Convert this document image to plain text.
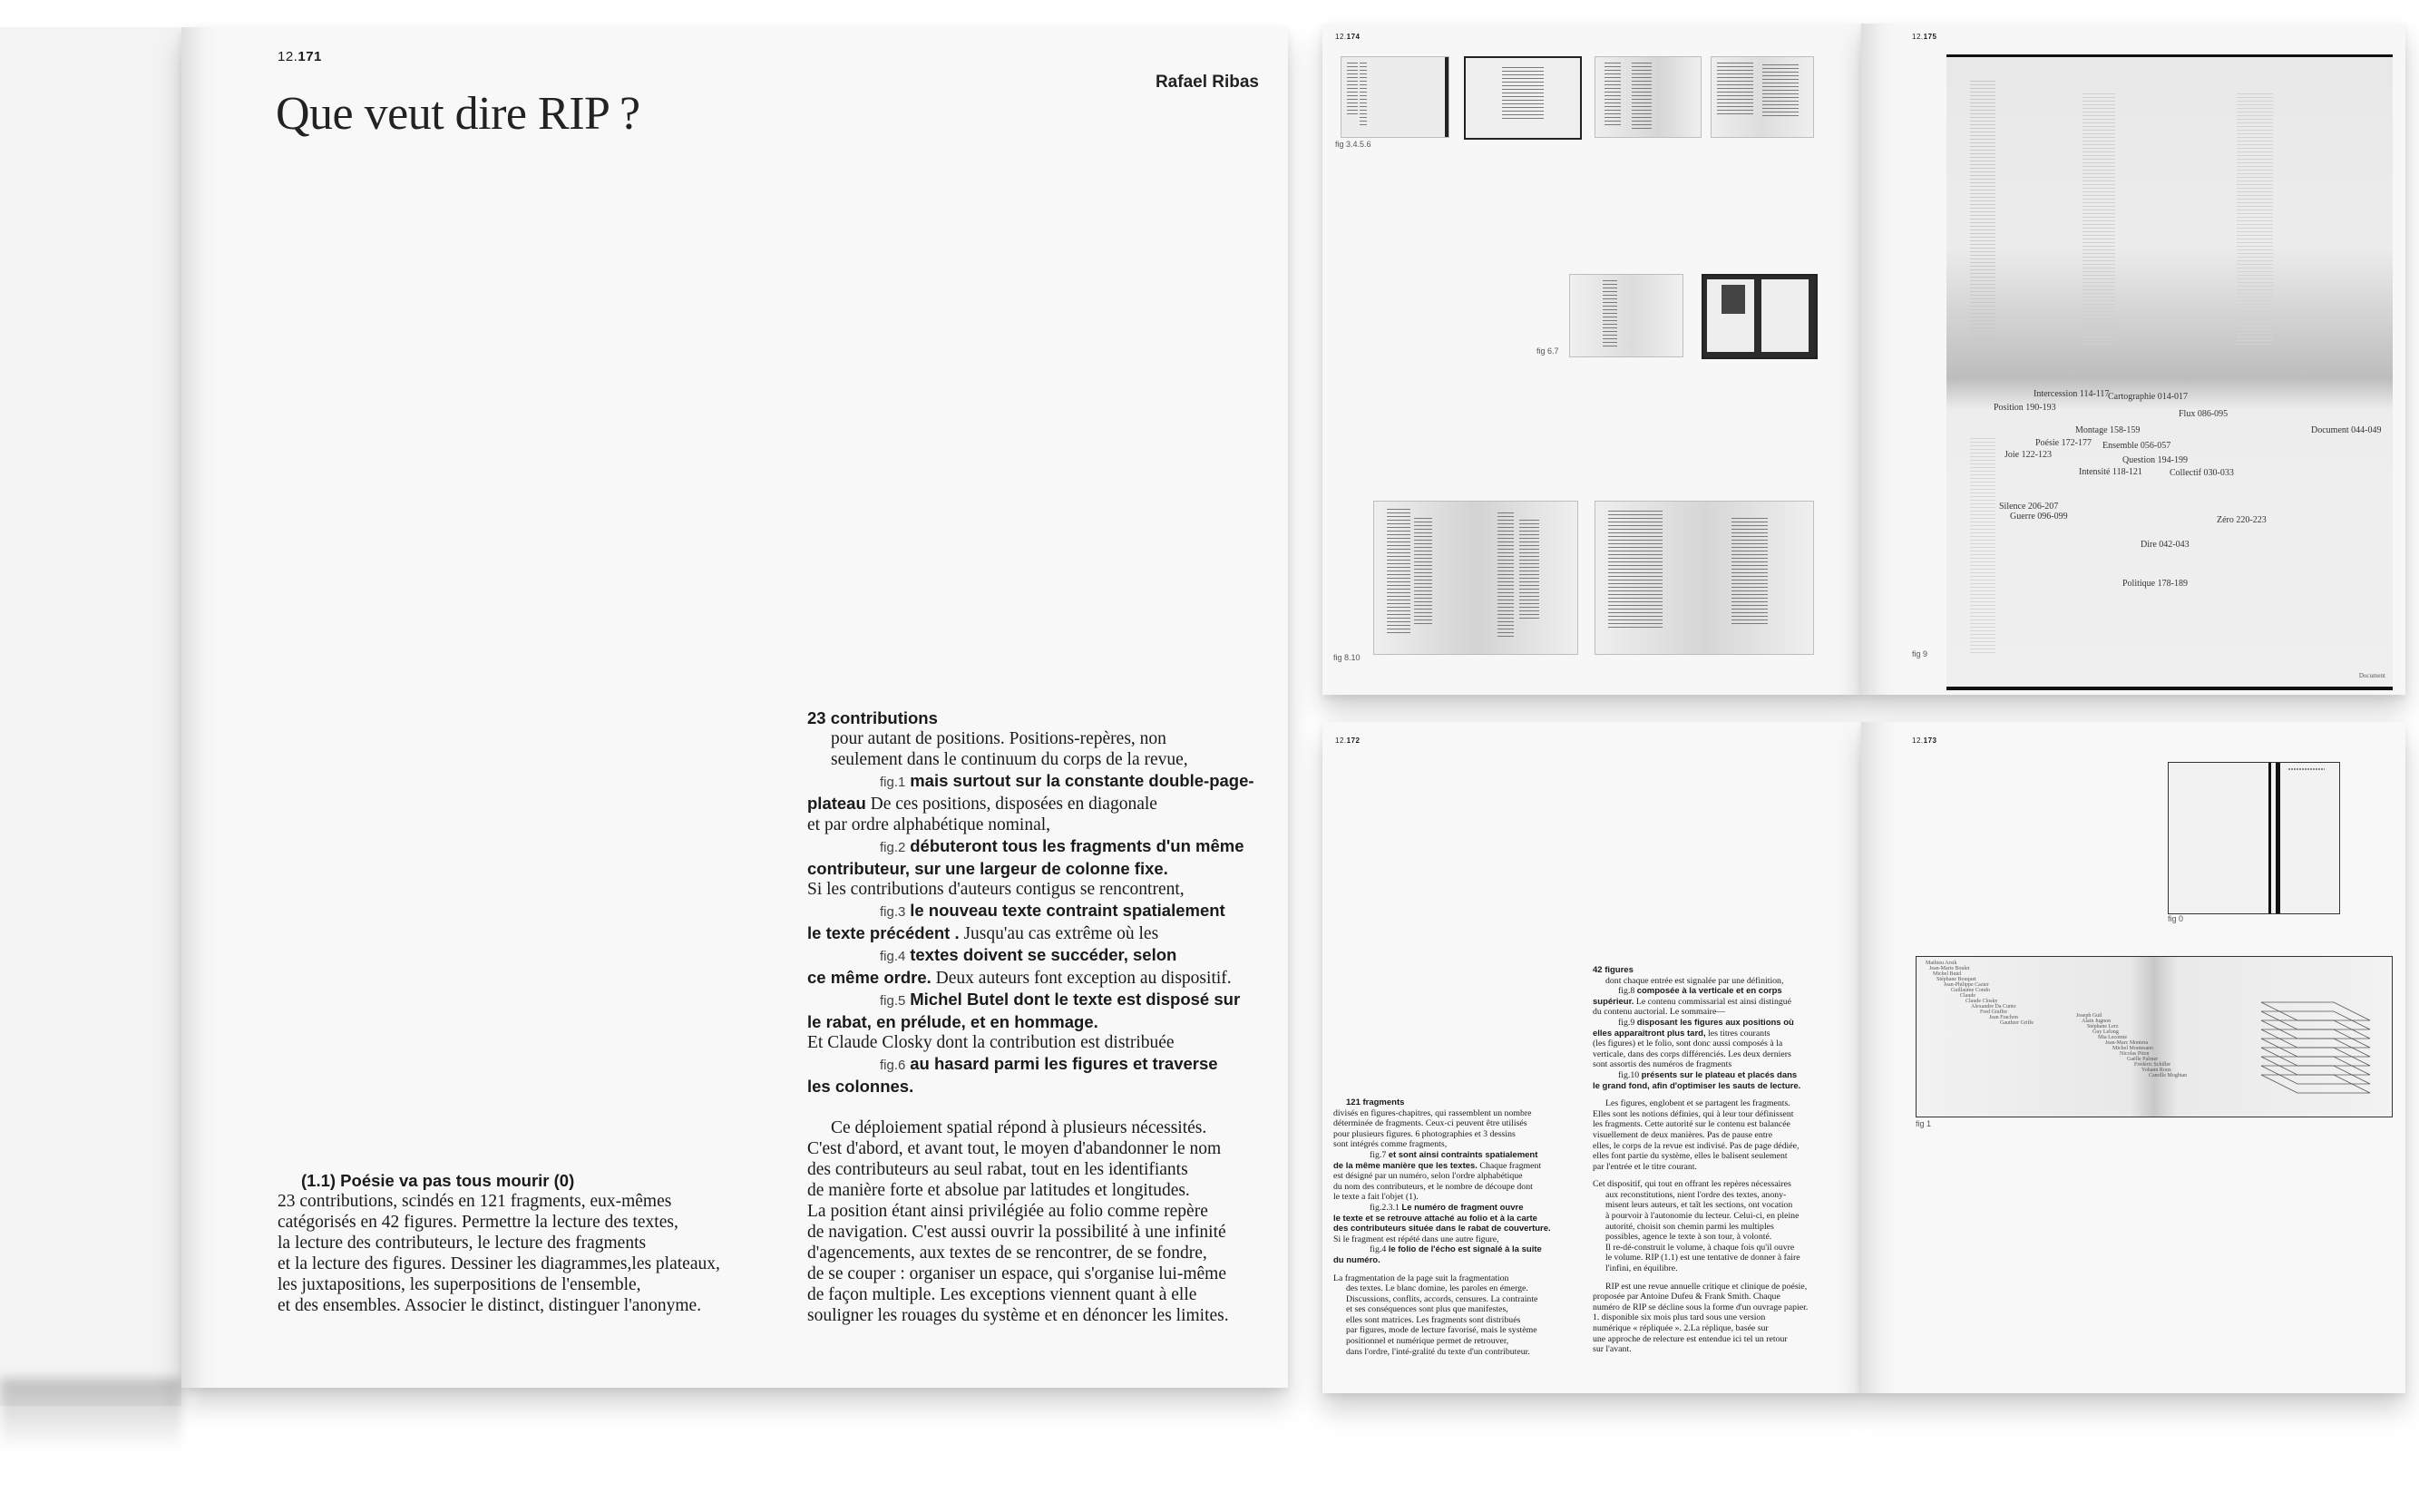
12.171
Que veut dire RIP ?
Rafael Ribas
(1.1) Poésie va pas tous mourir (0)
23 contributions, scindés en 121 fragments, eux-mêmes
catégorisés en 42 figures. Permettre la lecture des textes,
la lecture des contributeurs, le lecture des fragments
et la lecture des figures. Dessiner les diagrammes,les plateaux,
les juxtapositions, les superpositions de l'ensemble,
et des ensembles. Associer le distinct, distinguer l'anonyme.
23 contributions
pour autant de positions. Positions-repères, non
seulement dans le continuum du corps de la revue,
fig.1 mais surtout sur la constante double-page-
plateau De ces positions, disposées en diagonale
et par ordre alphabétique nominal,
fig.2 débuteront tous les fragments d'un même
contributeur, sur une largeur de colonne fixe.
Si les contributions d'auteurs contigus se rencontrent,
fig.3 le nouveau texte contraint spatialement
le texte précédent . Jusqu'au cas extrême où les
fig.4 textes doivent se succéder, selon
ce même ordre. Deux auteurs font exception au dispositif.
fig.5 Michel Butel dont le texte est disposé sur
le rabat, en prélude, et en hommage.
Et Claude Closky dont la contribution est distribuée
fig.6 au hasard parmi les figures et traverse
les colonnes.
Ce déploiement spatial répond à plusieurs nécessités.
C'est d'abord, et avant tout, le moyen d'abandonner le nom
des contributeurs au seul rabat, tout en les identifiants
de manière forte et absolue par latitudes et longitudes.
La position étant ainsi privilégiée au folio comme repère
de navigation. C'est aussi ouvrir la possibilité à une infinité
d'agencements, aux textes de se rencontrer, de se fondre,
de se couper : organiser un espace, qui s'organise lui-même
de façon multiple. Les exceptions viennent quant à elle
souligner les rouages du système et en dénoncer les limites.
12.174
fig 3.4.5.6
fig 6.7
fig 8.10
12.175
Intercession 114-117
Cartographie 014-017
Position 190-193
Flux 086-095
Montage 158-159	Document 044-049
Poésie 172-177 Ensemble 056-057
Joie 122-123
Question 194-199
Intensité 118-121	Collectif 030-033
Silence 206-207
Guerre 096-099	Zéro 220-223
Dire 042-043
Politique 178-189
Document
fig 9
12.172
121 fragments
divisés en figures-chapitres, qui rassemblent un nombre
déterminée de fragments. Ceux-ci peuvent être utilisés
pour plusieurs figures. 6 photographies et 3 dessins
sont intégrés comme fragments,
fig.7 et sont ainsi contraints spatialement
de la même manière que les textes. Chaque fragment
est désigné par un numéro, selon l'ordre alphabétique
du nom des contributeurs, et le nombre de découpe dont
le texte a fait l'objet (1).
fig.2.3.1 Le numéro de fragment ouvre
le texte et se retrouve attaché au folio et à la carte
des contributeurs située dans le rabat de couverture.
Si le fragment est répété dans une autre figure,
fig.4 le folio de l'écho est signalé à la suite
du numéro.
La fragmentation de la page suit la fragmentation
des textes. Le blanc domine, les paroles en émerge.
Discussions, conflits, accords, censures. La contrainte
et ses conséquences sont plus que manifestes,
elles sont matrices. Les fragments sont distribués
par figures, mode de lecture favorisé, mais le système
positionnel et numérique permet de retrouver,
dans l'ordre, l'inté-gralité du texte d'un contributeur.
42 figures
dont chaque entrée est signalée par une définition,
fig.8 composée à la verticale et en corps
supérieur. Le contenu commissarial est ainsi distingué
du contenu auctorial. Le sommaire—
fig.9 disposant les figures aux positions où
elles apparaîtront plus tard, les titres courants
(les figures) et le folio, sont donc aussi composés à la
verticale, dans des corps différenciés. Les deux derniers
sont assortis des numéros de fragments
fig.10 présents sur le plateau et placés dans
le grand fond, afin d'optimiser les sauts de lecture.
Les figures, englobent et se partagent les fragments.
Elles sont les notions définies, qui à leur tour définissent
les fragments. Cette autorité sur le contenu est balancée
visuellement de deux manières. Pas de pause entre
elles, le corps de la revue est indivisé. Pas de page dédiée,
elles font partie du système, elles le balisent seulement
par l'entrée et le titre courant.
Cet dispositif, qui tout en offrant les repères nécessaires
aux reconstitutions, nient l'ordre des textes, anony-
misent leurs auteurs, et taît les sections, ont vocation
à pourvoir à l'autonomie du lecteur. Celui-ci, en pleine
autorité, choisit son chemin parmi les multiples
possibles, agence le texte à son tour, à volonté.
Il re-dé-construit le volume, à chaque fois qu'il ouvre
le volume. RIP (1.1) est une tentative de donner à faire
l'infini, en équilibre.
RIP est une revue annuelle critique et clinique de poésie,
proposée par Antoine Dufeu & Frank Smith. Chaque
numéro de RIP se décline sous la forme d'un ouvrage papier.
1. disponible six mois plus tard sous une version
numérique « répliquée ». 2.La réplique, basée sur
une approche de relecture est entendue ici tel un retour
sur l'avant.
12.173
fig 0
Mathieu Arsik
Jean-Marie Boulet
Michel Butel
Stéphane Bouquet
Jean-Philippe Cazier
Guillaume Condo
Claude
Claude Closky
Alexandre Da Cunto
Fred Giuffre
Jean Frachon
Gauthier Griffe
Joseph Guil
Alain Jugnon
Stéphane Lerz
Guy Lelong
Mia Lecomte
Jean-Marc Montera
Michel Montesano
Nicolas Piton
Gaëlle Palmer
Frédéric Schiller
Yohann Roux
Camille Moghtan
fig 1
